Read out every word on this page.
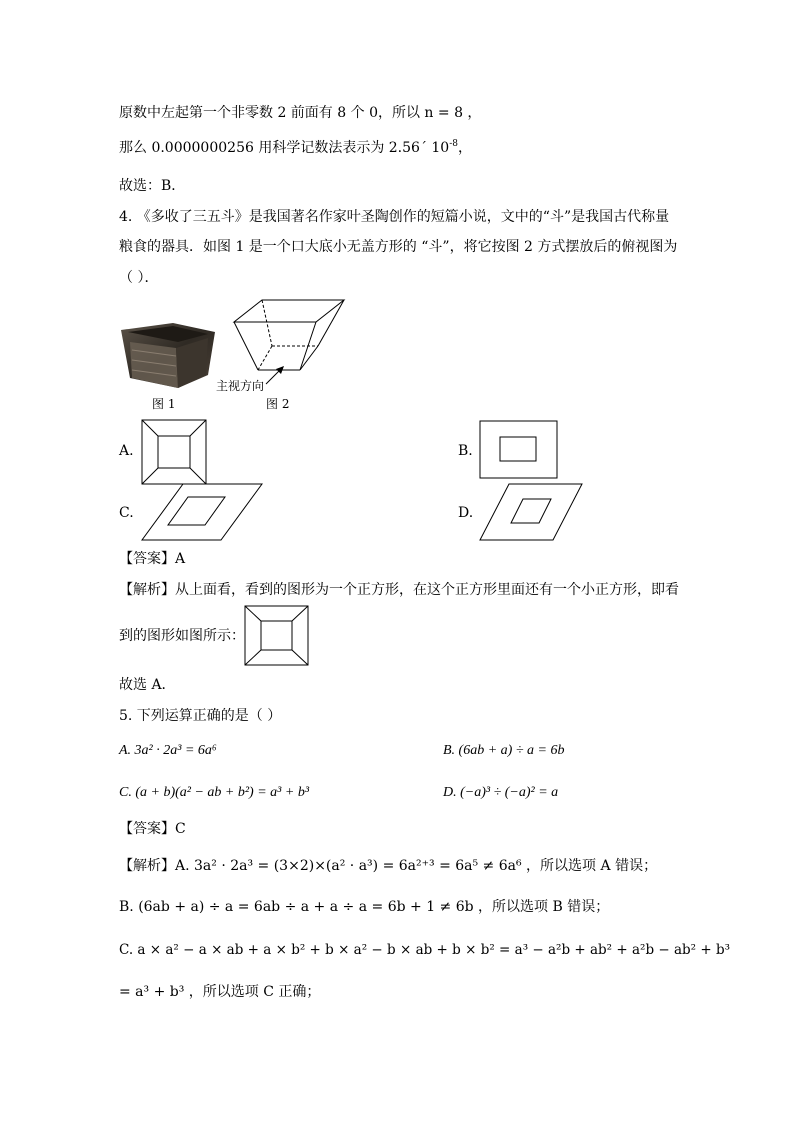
原数中左起第一个非零数 2 前面有 8 个 0，所以 n = 8 ，
那么 0.0000000256 用科学记数法表示为 2.56´ $10^{-8}$，
故选：B．
4. 《多收了三五斗》是我国著名作家叶圣陶创作的短篇小说，文中的“斗”是我国古代称量
粮食的器具．如图 1 是一个口大底小无盖方形的 “斗”，将它按图 2 方式摆放后的俯视图为
（ ）．
图 1
主视方向
图 2
A.	B.
C.	D.
【答案】A
【解析】从上面看，看到的图形为一个正方形，在这个正方形里面还有一个小正方形，即看
到的图形如图所示：
故选 A．
5. 下列运算正确的是（ ）
A. 3a² · 2a³ = 6a⁶	B. (6ab + a) ÷ a = 6b
C. (a + b)(a² − ab + b²) = a³ + b³	D. (−a)³ ÷ (−a)² = a
【答案】C
【解析】A. 3a² · 2a³ = (3×2)×(a² · a³) = 6a²⁺³ = 6a⁵ ≠ 6a⁶ ，所以选项 A 错误；
B. (6ab + a) ÷ a = 6ab ÷ a + a ÷ a = 6b + 1 ≠ 6b ，所以选项 B 错误；
C. a × a² − a × ab + a × b² + b × a² − b × ab + b × b² = a³ − a²b + ab² + a²b − ab² + b³
= a³ + b³ ，所以选项 C 正确；
